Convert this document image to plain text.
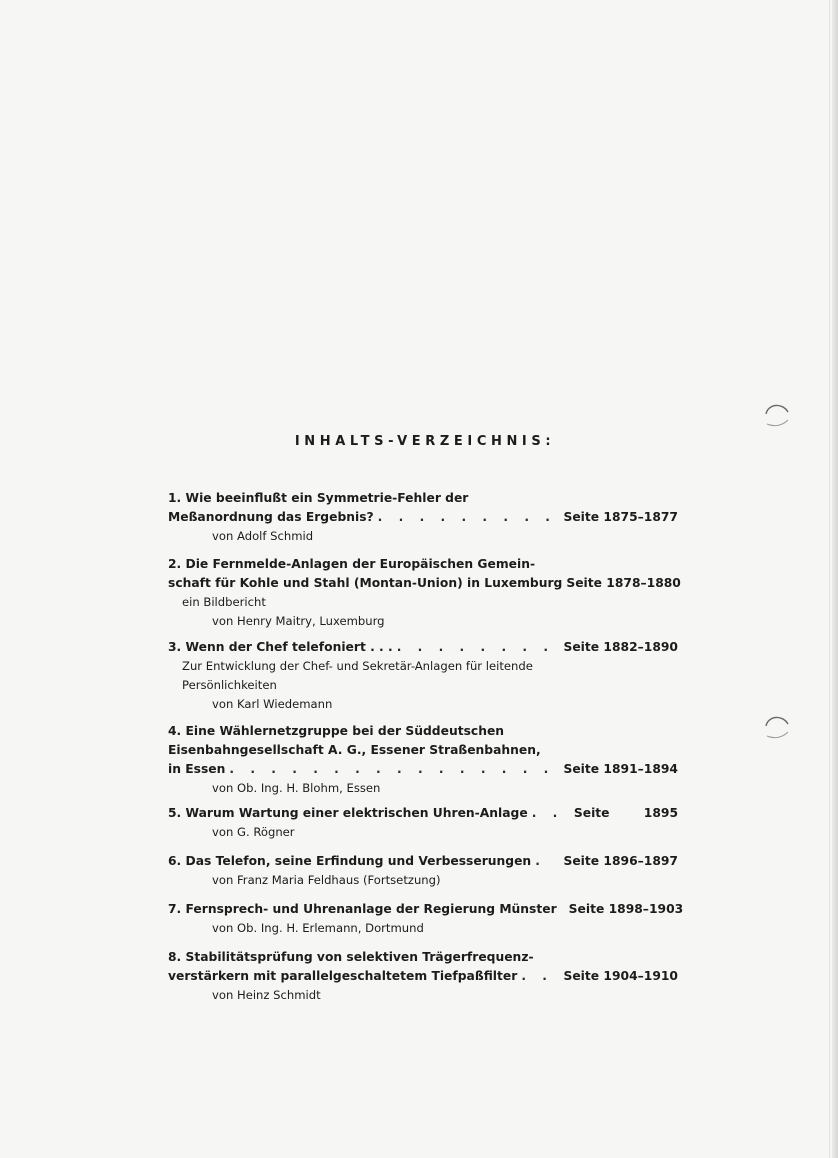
INHALTS-VERZEICHNIS:
1. Wie beeinflußt ein Symmetrie-Fehler der
Meßanordnung das Ergebnis? . . .	Seite 1875–1877
von Adolf Schmid
2. Die Fernmelde-Anlagen der Europäischen Gemein-
schaft für Kohle und Stahl (Montan-Union) in Luxemburg Seite 1878–1880
ein Bildbericht
von Henry Maitry, Luxemburg
3. Wenn der Chef telefoniert . . . . . .	Seite 1882–1890
Zur Entwicklung der Chef- und Sekretär-Anlagen für leitende
Persönlichkeiten
von Karl Wiedemann
4. Eine Wählernetzgruppe bei der Süddeutschen
Eisenbahngesellschaft A. G., Essener Straßenbahnen,
in Essen . . .	Seite 1891–1894
von Ob. Ing. H. Blohm, Essen
5. Warum Wartung einer elektrischen Uhren-Anlage . . .	Seite        1895
von G. Rögner
6. Das Telefon, seine Erfindung und Verbesserungen . . .	Seite 1896–1897
von Franz Maria Feldhaus (Fortsetzung)
7. Fernsprech- und Uhrenanlage der Regierung Münster Seite 1898–1903
von Ob. Ing. H. Erlemann, Dortmund
8. Stabilitätsprüfung von selektiven Trägerfrequenz-
verstärkern mit parallelgeschaltetem Tiefpaßfilter . . .	Seite 1904–1910
von Heinz Schmidt
